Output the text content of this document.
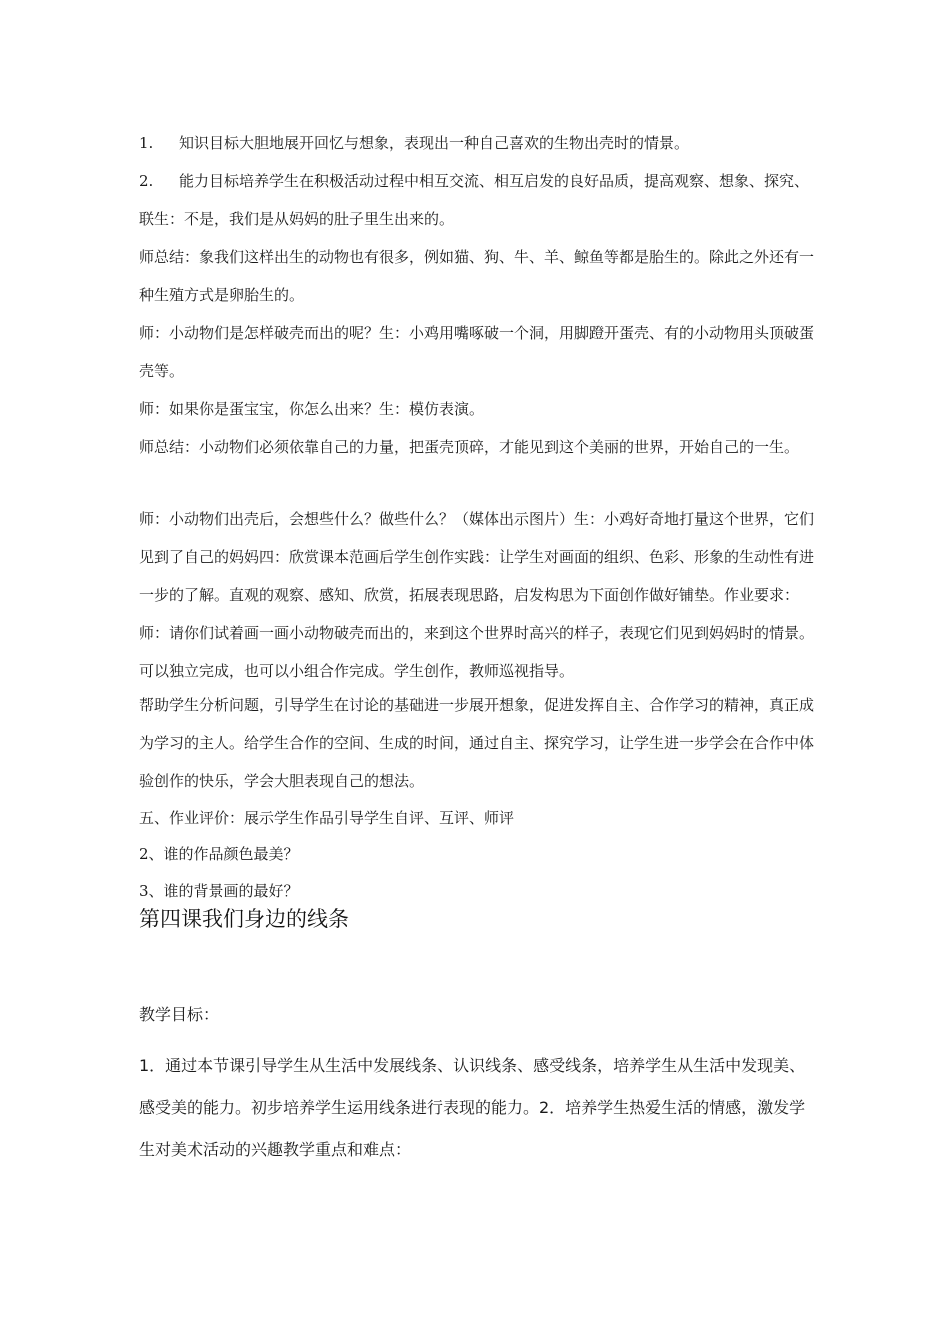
1. 知识目标大胆地展开回忆与想象，表现出一种自己喜欢的生物出壳时的情景。

2. 能力目标培养学生在积极活动过程中相互交流、相互启发的良好品质，提高观察、想象、探究、联生：不是，我们是从妈妈的肚子里生出来的。

师总结：象我们这样出生的动物也有很多，例如猫、狗、牛、羊、鲸鱼等都是胎生的。除此之外还有一种生殖方式是卵胎生的。

师：小动物们是怎样破壳而出的呢？生：小鸡用嘴啄破一个洞，用脚蹬开蛋壳、有的小动物用头顶破蛋壳等。

师：如果你是蛋宝宝，你怎么出来？生：模仿表演。

师总结：小动物们必须依靠自己的力量，把蛋壳顶碎，才能见到这个美丽的世界，开始自己的一生。

师：小动物们出壳后，会想些什么？做些什么？（媒体出示图片）生：小鸡好奇地打量这个世界，它们见到了自己的妈妈四：欣赏课本范画后学生创作实践：让学生对画面的组织、色彩、形象的生动性有进一步的了解。直观的观察、感知、欣赏，拓展表现思路，启发构思为下面创作做好铺垫。作业要求：师：请你们试着画一画小动物破壳而出的，来到这个世界时高兴的样子，表现它们见到妈妈时的情景。可以独立完成，也可以小组合作完成。学生创作，教师巡视指导。

帮助学生分析问题，引导学生在讨论的基础进一步展开想象，促进发挥自主、合作学习的精神，真正成为学习的主人。给学生合作的空间、生成的时间，通过自主、探究学习，让学生进一步学会在合作中体验创作的快乐，学会大胆表现自己的想法。

五、作业评价：展示学生作品引导学生自评、互评、师评

2、谁的作品颜色最美？

3、谁的背景画的最好？

第四课我们身边的线条

教学目标：

1．通过本节课引导学生从生活中发展线条、认识线条、感受线条，培养学生从生活中发现美、感受美的能力。初步培养学生运用线条进行表现的能力。2．培养学生热爱生活的情感，激发学生对美术活动的兴趣教学重点和难点：
